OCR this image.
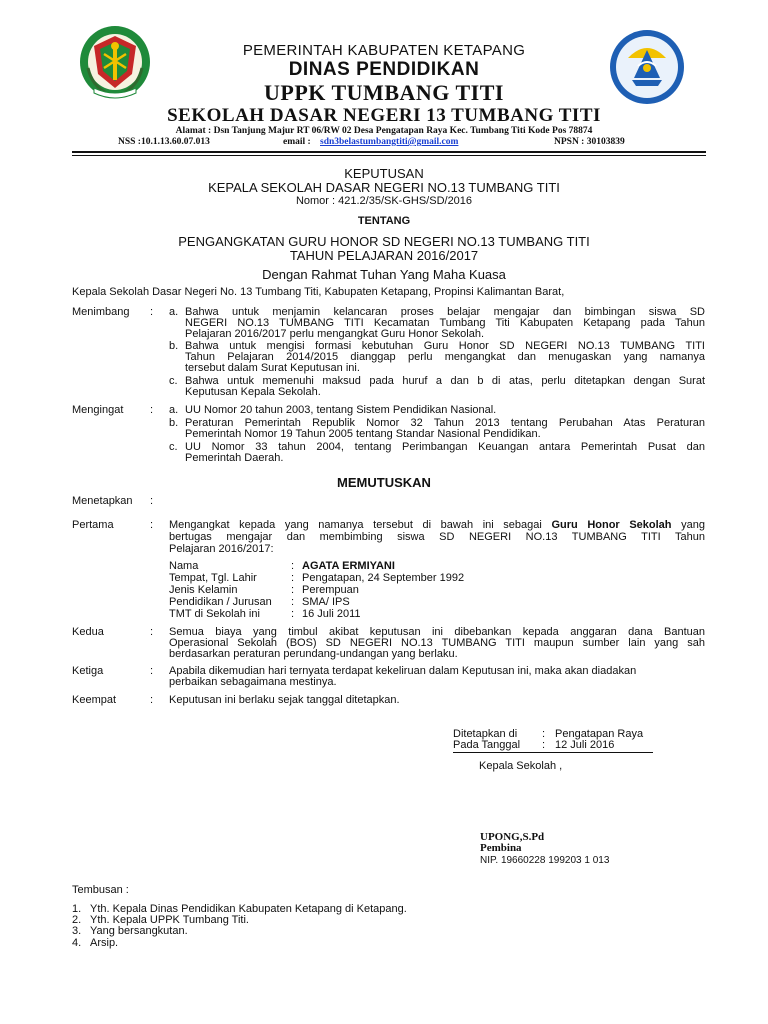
PEMERINTAH KABUPATEN KETAPANG
DINAS PENDIDIKAN
UPPK TUMBANG TITI
SEKOLAH DASAR NEGERI 13 TUMBANG TITI
Alamat : Dsn Tanjung Majur RT 06/RW 02 Desa Pengatapan Raya Kec. Tumbang Titi Kode Pos 78874
NSS :10.1.13.60.07.013	email : sdn3belastumbangtiti@gmail.com	NPSN : 30103839
KEPUTUSAN
KEPALA SEKOLAH DASAR NEGERI NO.13 TUMBANG TITI
Nomor : 421.2/35/SK-GHS/SD/2016
TENTANG
PENGANGKATAN GURU HONOR SD NEGERI NO.13 TUMBANG TITI
TAHUN PELAJARAN 2016/2017
Dengan Rahmat Tuhan Yang Maha Kuasa
Kepala Sekolah Dasar Negeri No. 13 Tumbang Titi, Kabupaten Ketapang, Propinsi Kalimantan Barat,
Menimbang : a. Bahwa untuk menjamin kelancaran proses belajar mengajar dan bimbingan siswa SD
NEGERI NO.13 TUMBANG TITI Kecamatan Tumbang Titi Kabupaten Ketapang pada Tahun
Pelajaran 2016/2017 perlu mengangkat Guru Honor Sekolah.
b. Bahwa untuk mengisi formasi kebutuhan Guru Honor SD NEGERI NO.13 TUMBANG TITI
Tahun Pelajaran 2014/2015 dianggap perlu mengangkat dan menugaskan yang namanya
tersebut dalam Surat Keputusan ini.
c. Bahwa untuk memenuhi maksud pada huruf a dan b di atas, perlu ditetapkan dengan Surat
Keputusan Kepala Sekolah.
Mengingat : a. UU Nomor 20 tahun 2003, tentang Sistem Pendidikan Nasional.
b. Peraturan Pemerintah Republik Nomor 32 Tahun 2013 tentang Perubahan Atas Peraturan
Pemerintah Nomor 19 Tahun 2005 tentang Standar Nasional Pendidikan.
c. UU Nomor 33 tahun 2004, tentang Perimbangan Keuangan antara Pemerintah Pusat dan
Pemerintah Daerah.
MEMUTUSKAN
Menetapkan :
Pertama	: Mengangkat kepada yang namanya tersebut di bawah ini sebagai Guru Honor Sekolah yang
bertugas mengajar dan membimbing siswa SD NEGERI NO.13 TUMBANG TITI Tahun
Pelajaran 2016/2017:
Nama	: AGATA ERMIYANI
Tempat, Tgl. Lahir	: Pengatapan, 24 September 1992
Jenis Kelamin	: Perempuan
Pendidikan / Jurusan : SMA/ IPS
TMT di Sekolah ini	: 16 Juli 2011
Kedua	: Semua biaya yang timbul akibat keputusan ini dibebankan kepada anggaran dana Bantuan
Operasional Sekolah (BOS) SD NEGERI NO.13 TUMBANG TITI maupun sumber lain yang sah
berdasarkan peraturan perundang-undangan yang berlaku.
Ketiga	: Apabila dikemudian hari ternyata terdapat kekeliruan dalam Keputusan ini, maka akan diadakan
perbaikan sebagaimana mestinya.
Keempat	: Keputusan ini berlaku sejak tanggal ditetapkan.
Ditetapkan di : Pengatapan Raya
Pada Tanggal : 12 Juli 2016
Kepala Sekolah ,
UPONG,S.Pd
Pembina
NIP. 19660228 199203 1 013
Tembusan :
1. Yth. Kepala Dinas Pendidikan Kabupaten Ketapang di Ketapang.
2. Yth. Kepala UPPK Tumbang Titi.
3. Yang bersangkutan.
4. Arsip.
